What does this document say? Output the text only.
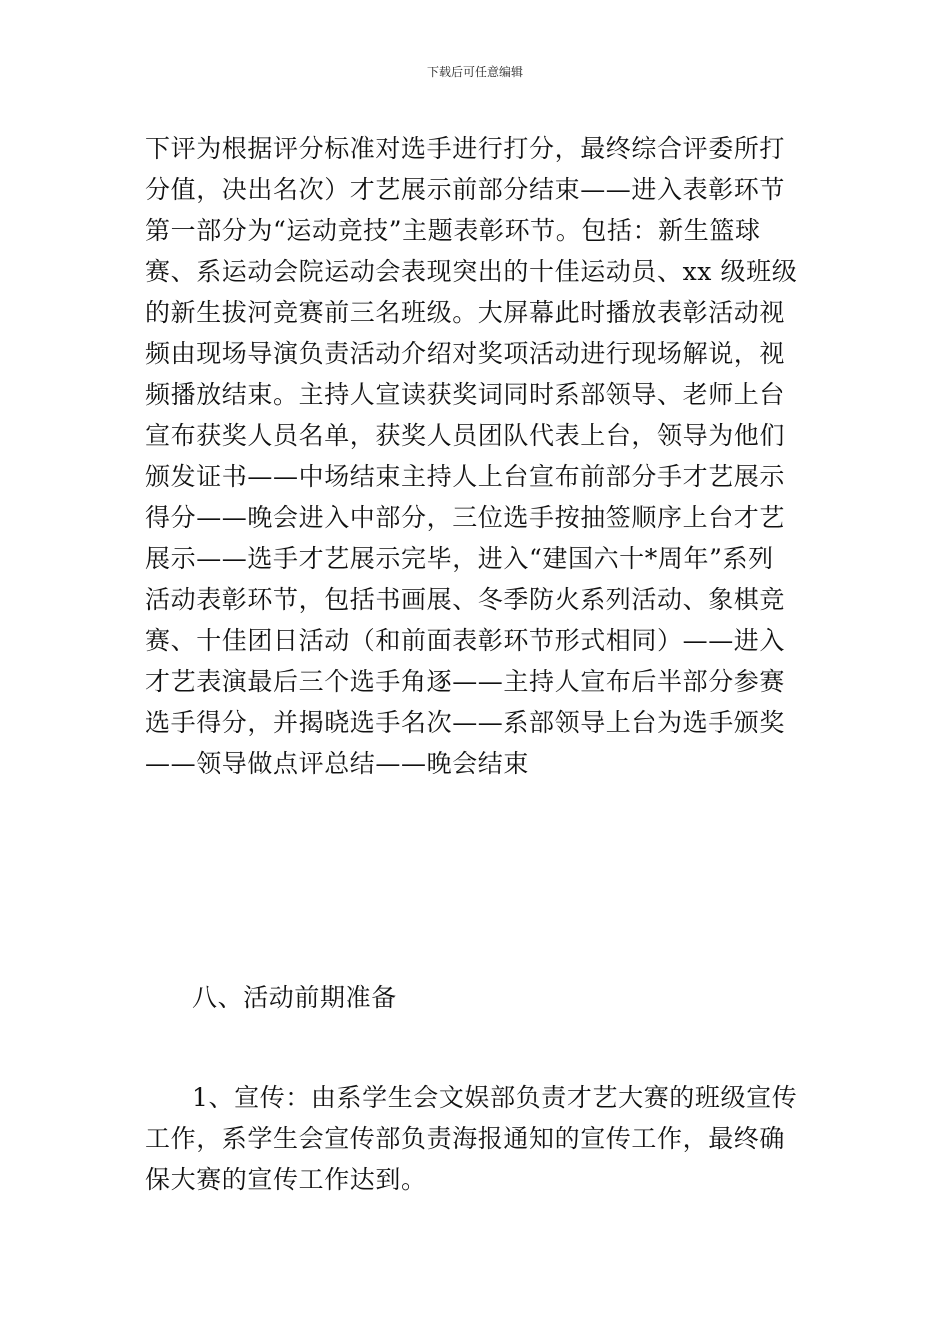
下载后可任意编辑
下评为根据评分标准对选手进行打分，最终综合评委所打
分值，决出名次）才艺展示前部分结束——进入表彰环节
第一部分为“运动竞技”主题表彰环节。包括：新生篮球
赛、系运动会院运动会表现突出的十佳运动员、xx 级班级
的新生拔河竞赛前三名班级。大屏幕此时播放表彰活动视
频由现场导演负责活动介绍对奖项活动进行现场解说，视
频播放结束。主持人宣读获奖词同时系部领导、老师上台
宣布获奖人员名单，获奖人员团队代表上台，领导为他们
颁发证书——中场结束主持人上台宣布前部分手才艺展示
得分——晚会进入中部分，三位选手按抽签顺序上台才艺
展示——选手才艺展示完毕，进入“建国六十*周年”系列
活动表彰环节，包括书画展、冬季防火系列活动、象棋竞
赛、十佳团日活动（和前面表彰环节形式相同）——进入
才艺表演最后三个选手角逐——主持人宣布后半部分参赛
选手得分，并揭晓选手名次——系部领导上台为选手颁奖
——领导做点评总结——晚会结束
八、活动前期准备
1、宣传：由系学生会文娱部负责才艺大赛的班级宣传
工作，系学生会宣传部负责海报通知的宣传工作，最终确
保大赛的宣传工作达到。
